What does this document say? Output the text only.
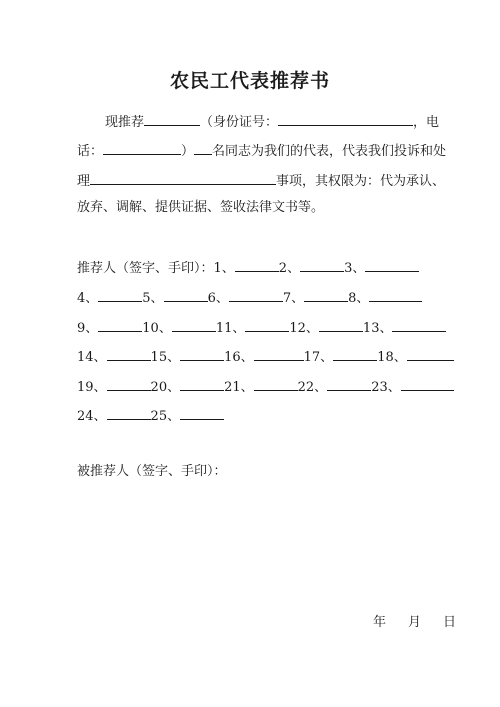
农民工代表推荐书
现推荐	（身份证号：	，电
话：	） 名同志为我们的代表，代表我们投诉和处
理	事项，其权限为：代为承认、
放弃、调解、提供证据、签收法律文书等。
推荐人（签字、手印）：1、	2、	3、
4、	5、	6、	7、	8、
9、	10、	11、	12、	13、
14、	15、	16、	17、	18、
19、	20、	21、	22、	23、
24、	25、
被推荐人（签字、手印）：
年 月 日
